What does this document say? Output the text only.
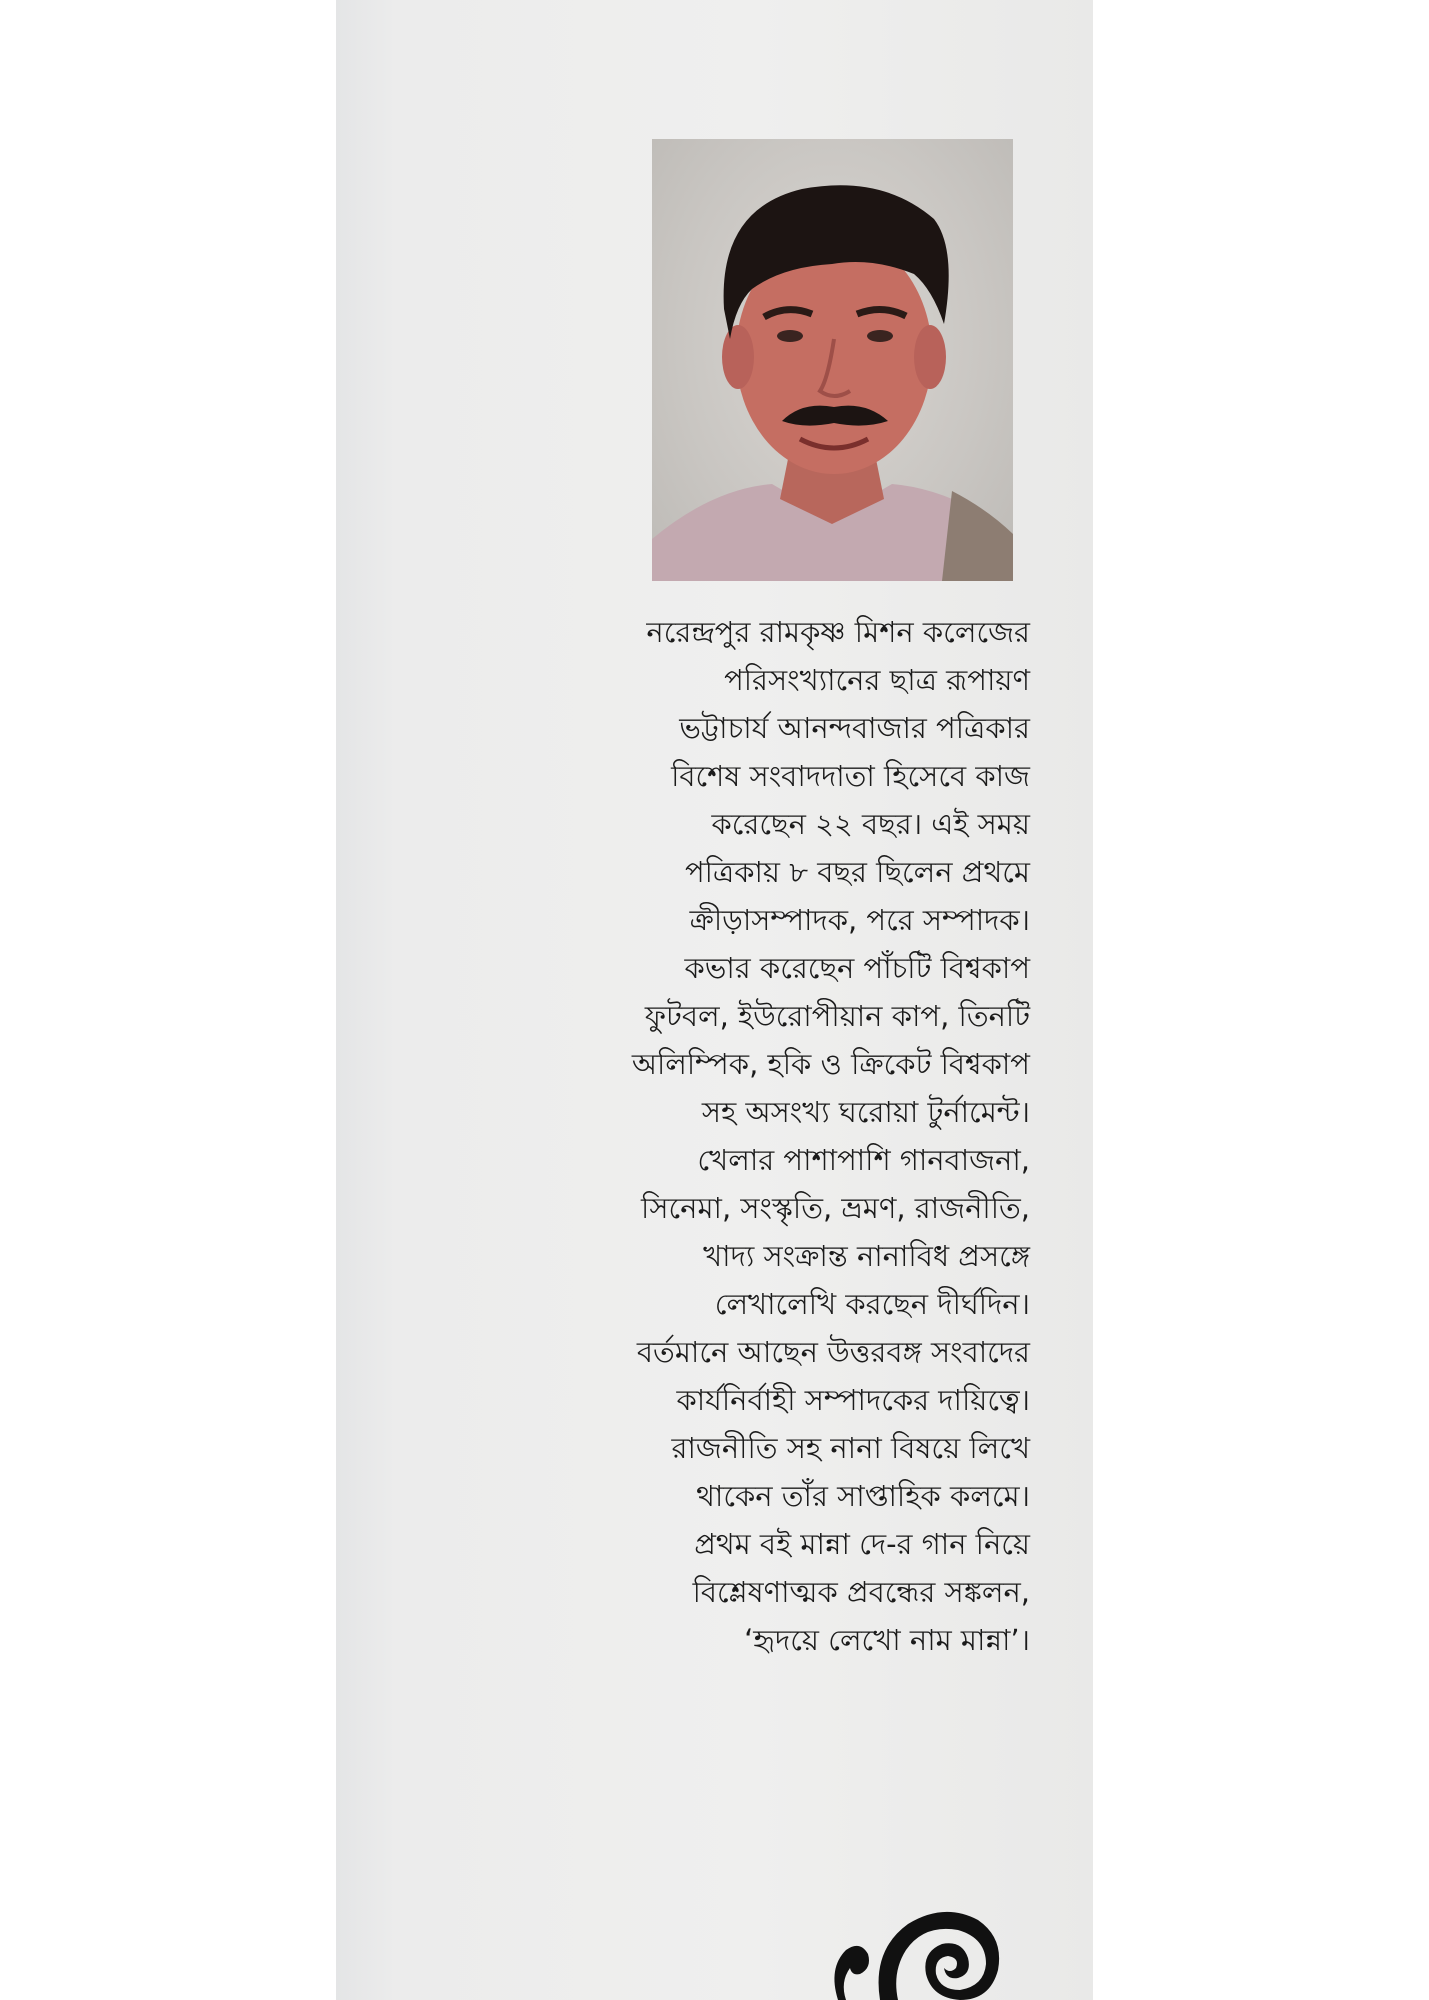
নরেন্দ্রপুর রামকৃষ্ণ মিশন কলেজের
পরিসংখ্যানের ছাত্র রূপায়ণ
ভট্টাচার্য আনন্দবাজার পত্রিকার
বিশেষ সংবাদদাতা হিসেবে কাজ
করেছেন ২২ বছর। এই সময়
পত্রিকায় ৮ বছর ছিলেন প্রথমে
ক্রীড়াসম্পাদক, পরে সম্পাদক।
কভার করেছেন পাঁচটি বিশ্বকাপ
ফুটবল, ইউরোপীয়ান কাপ, তিনটি
অলিম্পিক, হকি ও ক্রিকেট বিশ্বকাপ
সহ অসংখ্য ঘরোয়া টুর্নামেন্ট।
খেলার পাশাপাশি গানবাজনা,
সিনেমা, সংস্কৃতি, ভ্রমণ, রাজনীতি,
খাদ্য সংক্রান্ত নানাবিধ প্রসঙ্গে
লেখালেখি করছেন দীর্ঘদিন।
বর্তমানে আছেন উত্তরবঙ্গ সংবাদের
কার্যনির্বাহী সম্পাদকের দায়িত্বে।
রাজনীতি সহ নানা বিষয়ে লিখে
থাকেন তাঁর সাপ্তাহিক কলমে।
প্রথম বই মান্না দে-র গান নিয়ে
বিশ্লেষণাত্মক প্রবন্ধের সঙ্কলন,
‘হৃদয়ে লেখো নাম মান্না’।
